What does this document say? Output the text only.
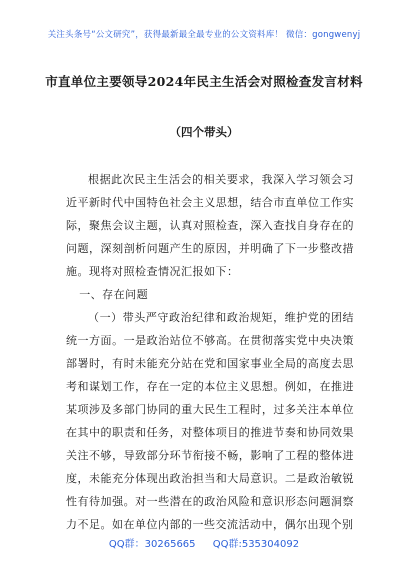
关注头条号“公文研究”，获得最新最全最专业的公文资料库！ 微信：gongwenyj
市直单位主要领导2024年民主生活会对照检查发言材料
（四个带头）

根据此次民主生活会的相关要求，我深入学习领会习近平新时代中国特色社会主义思想，结合市直单位工作实际，聚焦会议主题，认真对照检查，深入查找自身存在的问题，深刻剖析问题产生的原因，并明确了下一步整改措施。现将对照检查情况汇报如下：

一、存在问题

（一）带头严守政治纪律和政治规矩，维护党的团结统一方面。一是政治站位不够高。在贯彻落实党中央决策部署时，有时未能充分站在党和国家事业全局的高度去思考和谋划工作，存在一定的本位主义思想。例如，在推进某项涉及多部门协同的重大民生工程时，过多关注本单位在其中的职责和任务，对整体项目的推进节奏和协同效果关注不够，导致部分环节衔接不畅，影响了工程的整体进度，未能充分体现出政治担当和大局意识。二是政治敏锐性有待加强。对一些潜在的政治风险和意识形态问题洞察力不足。如在单位内部的一些交流活动中，偶尔出现个别

QQ群：30265665 QQ群:535304092
